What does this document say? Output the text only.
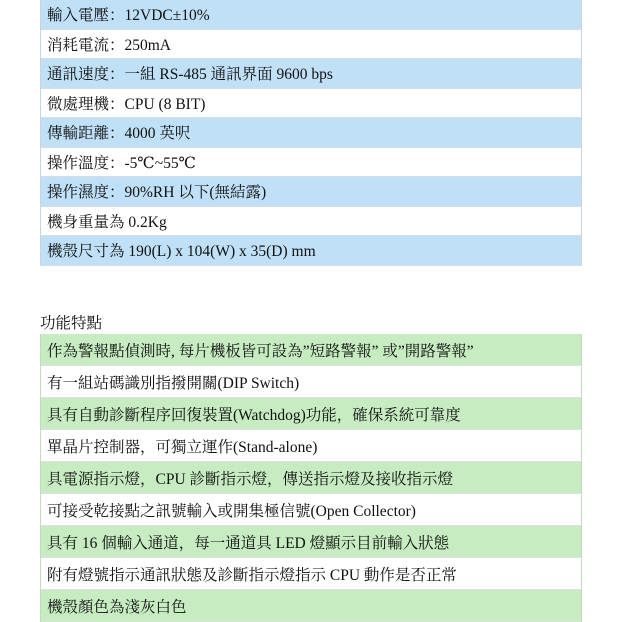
輸入電壓：12VDC±10%
消耗電流：250mA
通訊速度：一組 RS-485 通訊界面 9600 bps
微處理機：CPU (8 BIT)
傳輸距離：4000 英呎
操作溫度：-5℃~55℃
操作濕度：90%RH 以下(無結露)
機身重量為 0.2Kg
機殼尺寸為 190(L) x 104(W) x 35(D) mm
功能特點
作為警報點偵測時, 每片機板皆可設為”短路警報” 或”開路警報”
有一組站碼識別指撥開關(DIP Switch)
具有自動診斷程序回復裝置(Watchdog)功能，確保系統可靠度
單晶片控制器，可獨立運作(Stand-alone)
具電源指示燈，CPU 診斷指示燈，傳送指示燈及接收指示燈
可接受乾接點之訊號輸入或開集極信號(Open Collector)
具有 16 個輸入通道，每一通道具 LED 燈顯示目前輸入狀態
附有燈號指示通訊狀態及診斷指示燈指示 CPU 動作是否正常
機殼顏色為淺灰白色
